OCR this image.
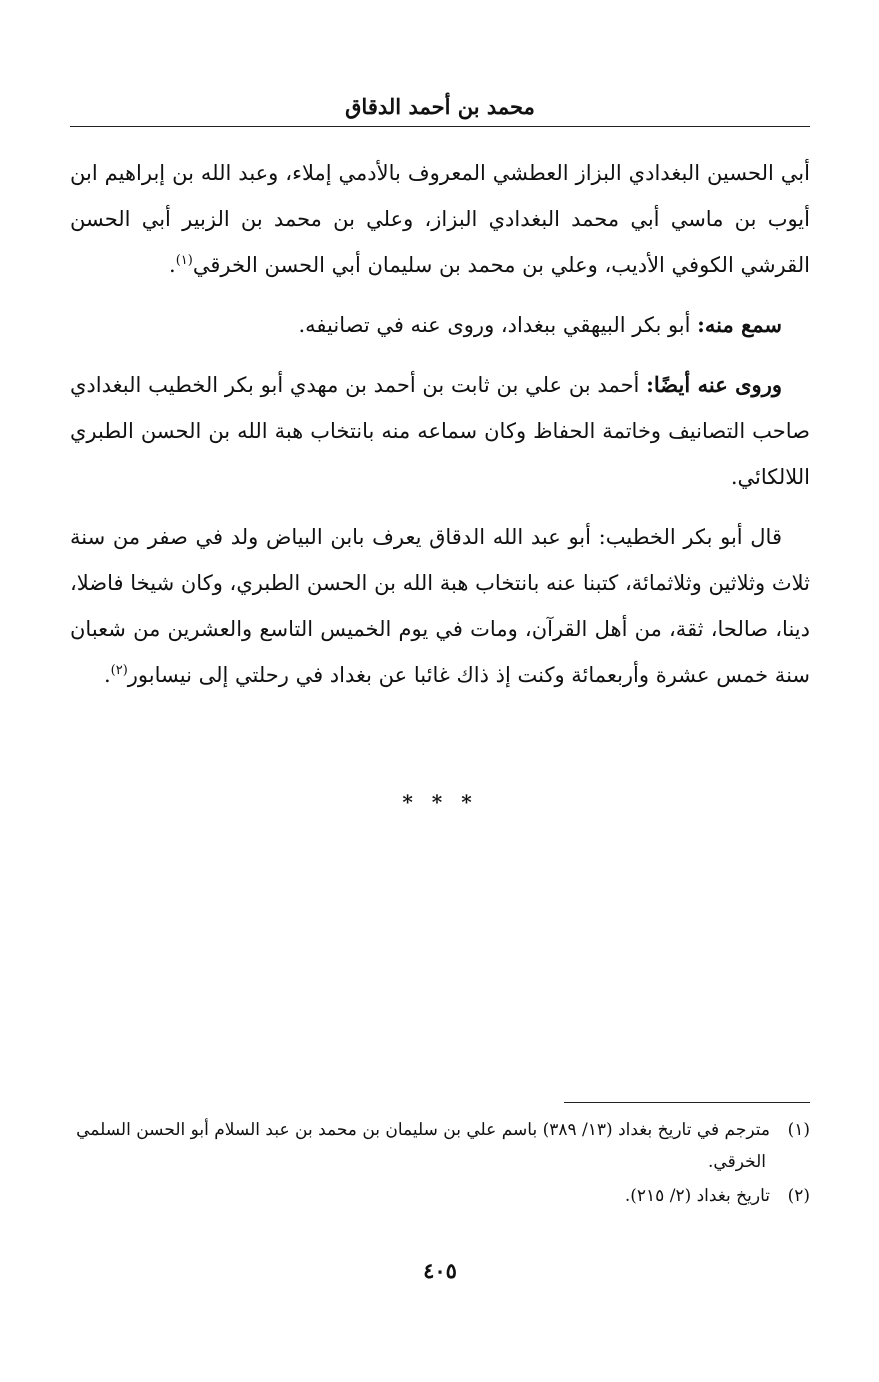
محمد بن أحمد الدقاق

أبي الحسين البغدادي البزاز العطشي المعروف بالأدمي إملاء، وعبد الله بن إبراهيم ابن أيوب بن ماسي أبي محمد البغدادي البزاز، وعلي بن محمد بن الزبير أبي الحسن القرشي الكوفي الأديب، وعلي بن محمد بن سليمان أبي الحسن الخرقي$^{(١)}$.

سمع منه: أبو بكر البيهقي ببغداد، وروى عنه في تصانيفه.

وروى عنه أيضًا: أحمد بن علي بن ثابت بن أحمد بن مهدي أبو بكر الخطيب البغدادي صاحب التصانيف وخاتمة الحفاظ وكان سماعه منه بانتخاب هبة الله بن الحسن الطبري اللالكائي.

قال أبو بكر الخطيب: أبو عبد الله الدقاق يعرف بابن البياض ولد في صفر من سنة ثلاث وثلاثين وثلاثمائة، كتبنا عنه بانتخاب هبة الله بن الحسن الطبري، وكان شيخا فاضلا، دينا، صالحا، ثقة، من أهل القرآن، ومات في يوم الخميس التاسع والعشرين من شعبان سنة خمس عشرة وأربعمائة وكنت إذ ذاك غائبا عن بغداد في رحلتي إلى نيسابور$^{(٢)}$.

* * *

(١)مترجم في تاريخ بغداد (١٣/ ٣٨٩) باسم علي بن سليمان بن محمد بن عبد السلام أبو الحسن السلمي الخرقي.

(٢)تاريخ بغداد (٢/ ٢١٥).

٤٠٥
